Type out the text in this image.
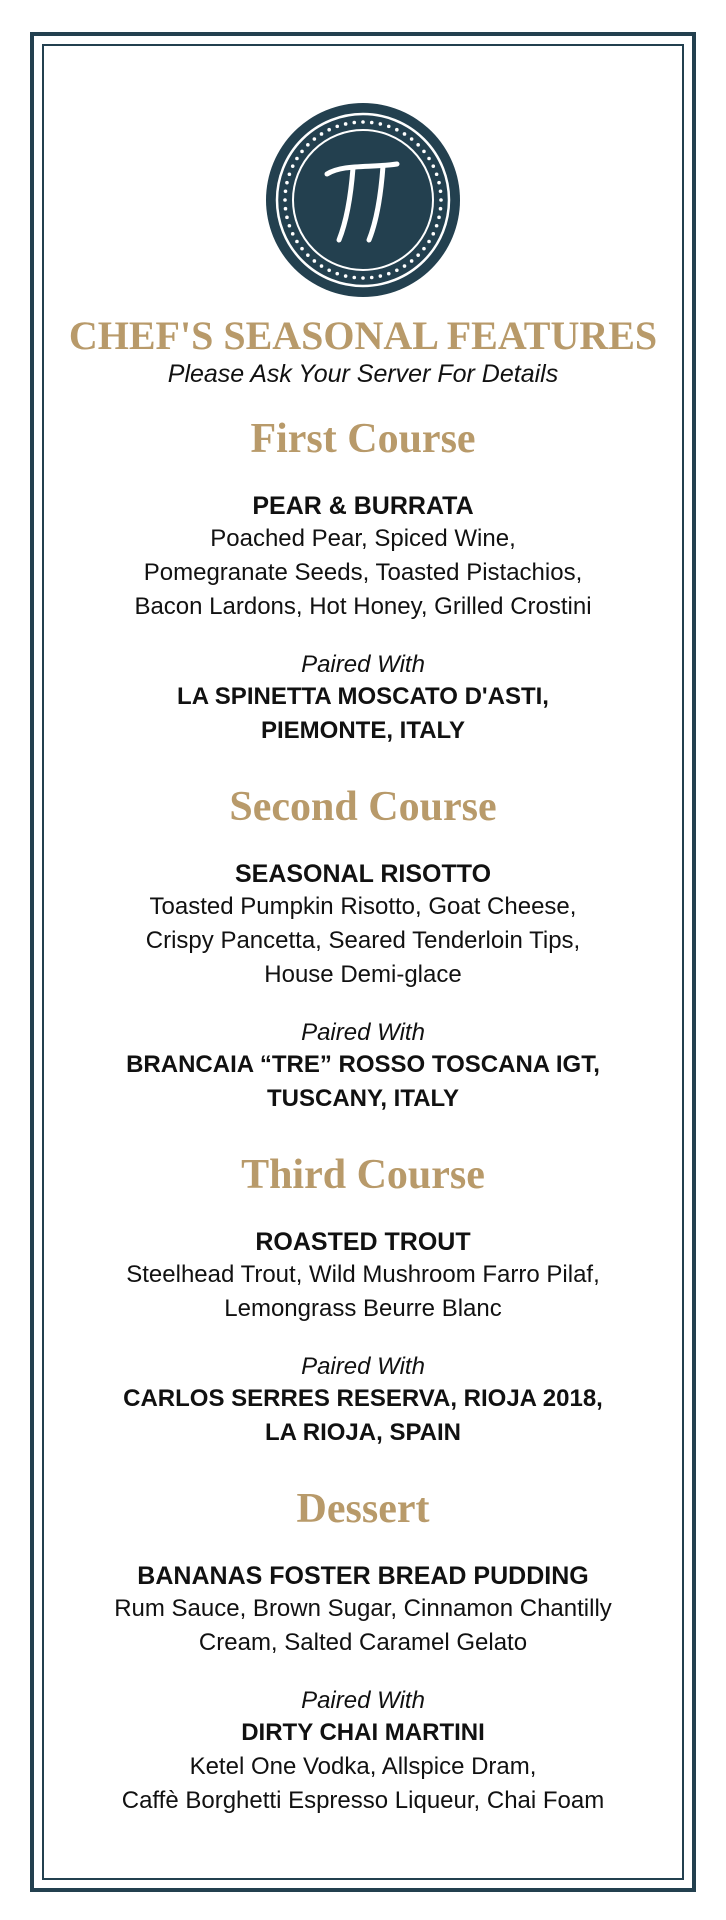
CHEF'S SEASONAL FEATURES

Please Ask Your Server For Details

First Course

PEAR & BURRATA

Poached Pear, Spiced Wine,
Pomegranate Seeds, Toasted Pistachios,
Bacon Lardons, Hot Honey, Grilled Crostini

Paired With

LA SPINETTA MOSCATO D'ASTI,
PIEMONTE, ITALY

Second Course

SEASONAL RISOTTO

Toasted Pumpkin Risotto, Goat Cheese,
Crispy Pancetta, Seared Tenderloin Tips,
House Demi-glace

Paired With

BRANCAIA “TRE” ROSSO TOSCANA IGT,
TUSCANY, ITALY

Third Course

ROASTED TROUT

Steelhead Trout, Wild Mushroom Farro Pilaf,
Lemongrass Beurre Blanc

Paired With

CARLOS SERRES RESERVA, RIOJA 2018,
LA RIOJA, SPAIN

Dessert

BANANAS FOSTER BREAD PUDDING

Rum Sauce, Brown Sugar, Cinnamon Chantilly
Cream, Salted Caramel Gelato

Paired With

DIRTY CHAI MARTINI

Ketel One Vodka, Allspice Dram,
Caffè Borghetti Espresso Liqueur, Chai Foam
